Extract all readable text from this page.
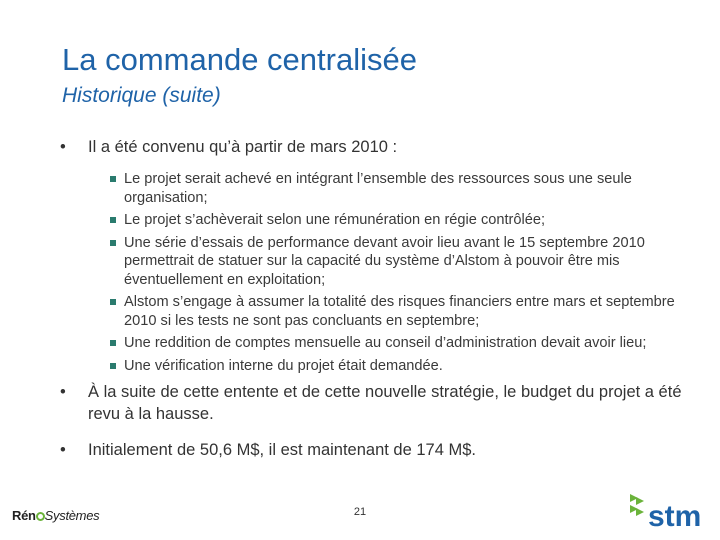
La commande centralisée
Historique (suite)
• Il a été convenu qu’à partir de mars 2010 :
Le projet serait achevé en intégrant l’ensemble des ressources sous une seule organisation;
Le projet s’achèverait selon une rémunération en régie contrôlée;
Une série d’essais de performance devant avoir lieu avant le 15 septembre 2010 permettrait de statuer sur la capacité du système d’Alstom à pouvoir être mis éventuellement en exploitation;
Alstom s’engage à assumer la totalité des risques financiers entre mars et septembre 2010 si les tests ne sont pas concluants en septembre;
Une reddition de comptes mensuelle au conseil d’administration devait avoir lieu;
Une vérification interne du projet était demandée.
• À la suite de cette entente et de cette nouvelle stratégie, le budget du projet a été revu à la hausse.
• Initialement de 50,6 M$, il est maintenant de 174 M$.
21
Rén Systèmes	stm
